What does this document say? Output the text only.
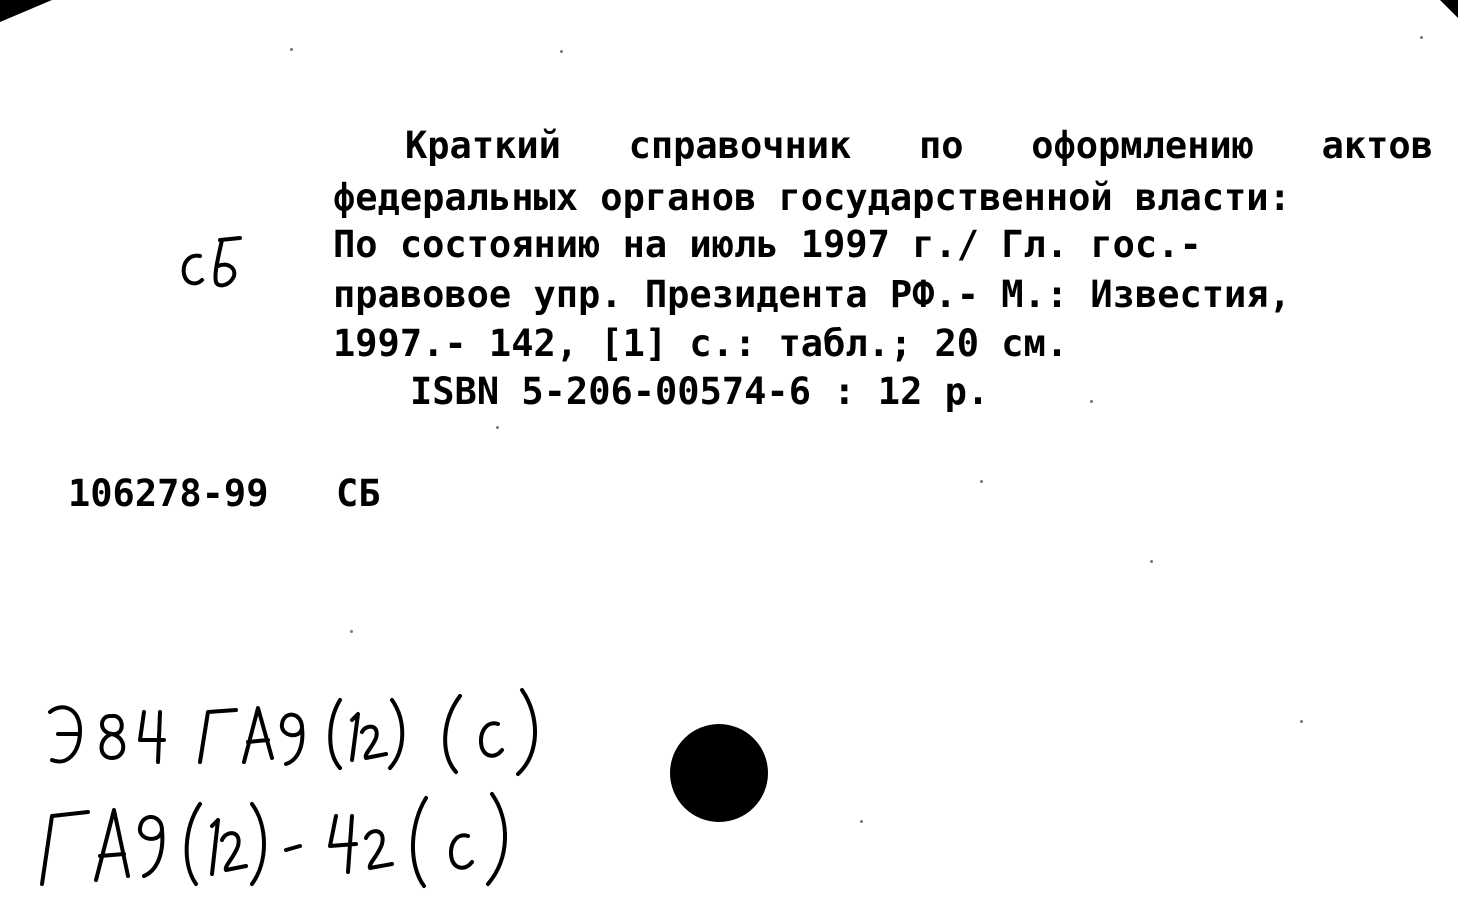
Краткий справочник по оформлению актов
федеральных органов государственной власти:
По состоянию на июль 1997 г./ Гл. гос.-
правовое упр. Президента РФ.- М.: Известия,
1997.- 142, [1] с.: табл.; 20 см.
ISBN 5-206-00574-6 : 12 р.
106278-99 СБ
